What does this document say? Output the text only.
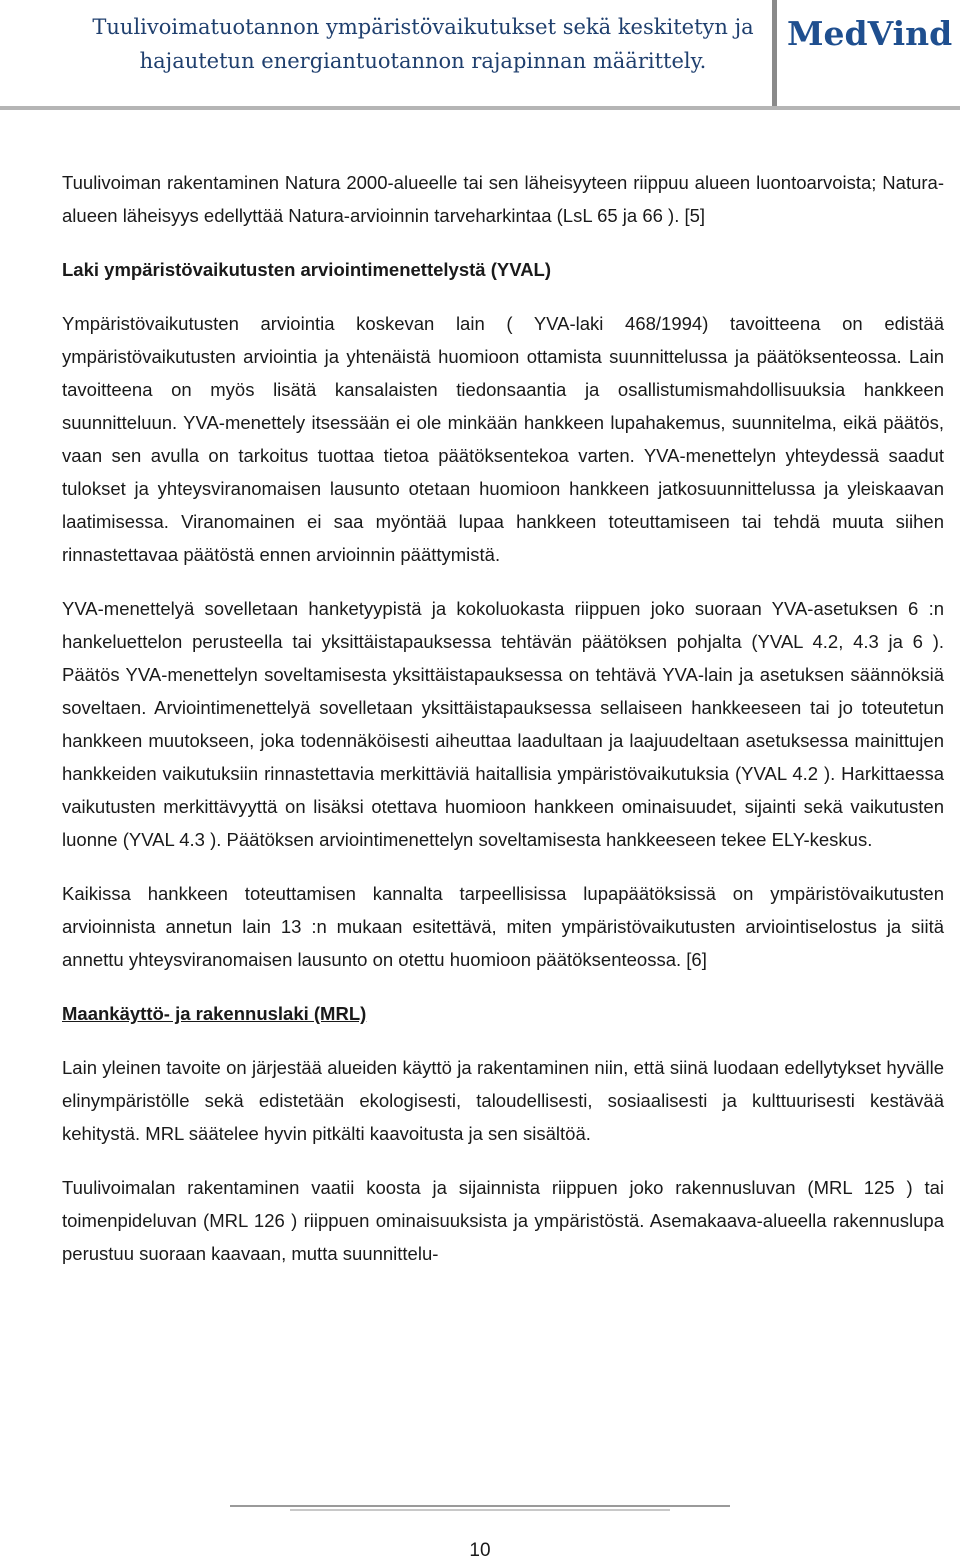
Tuulivoimatuotannon ympäristövaikutukset sekä keskitetyn ja
hajautetun energiantuotannon rajapinnan määrittely.
MedVind

Tuulivoiman rakentaminen Natura 2000-alueelle tai sen läheisyyteen riippuu alueen luontoarvoista; Natura-alueen läheisyys edellyttää Natura-arvioinnin tarveharkintaa (LsL 65 ja 66 ). [5]

Laki ympäristövaikutusten arviointimenettelystä (YVAL)

Ympäristövaikutusten arviointia koskevan lain ( YVA-laki 468/1994) tavoitteena on edistää ympäristövaikutusten arviointia ja yhtenäistä huomioon ottamista suunnittelussa ja päätöksenteossa. Lain tavoitteena on myös lisätä kansalaisten tiedonsaantia ja osallistumismahdollisuuksia hankkeen suunnitteluun. YVA-menettely itsessään ei ole minkään hankkeen lupahakemus, suunnitelma, eikä päätös, vaan sen avulla on tarkoitus tuottaa tietoa päätöksentekoa varten. YVA-menettelyn yhteydessä saadut tulokset ja yhteysviranomaisen lausunto otetaan huomioon hankkeen jatkosuunnittelussa ja yleiskaavan laatimisessa. Viranomainen ei saa myöntää lupaa hankkeen toteuttamiseen tai tehdä muuta siihen rinnastettavaa päätöstä ennen arvioinnin päättymistä.

YVA-menettelyä sovelletaan hanketyypistä ja kokoluokasta riippuen joko suoraan YVA-asetuksen 6 :n hankeluettelon perusteella tai yksittäistapauksessa tehtävän päätöksen pohjalta (YVAL 4.2, 4.3 ja 6 ). Päätös YVA-menettelyn soveltamisesta yksittäistapauksessa on tehtävä YVA-lain ja asetuksen säännöksiä soveltaen. Arviointimenettelyä sovelletaan yksittäistapauksessa sellaiseen hankkeeseen tai jo toteutetun hankkeen muutokseen, joka todennäköisesti aiheuttaa laadultaan ja laajuudeltaan asetuksessa mainittujen hankkeiden vaikutuksiin rinnastettavia merkittäviä haitallisia ympäristövaikutuksia (YVAL 4.2 ). Harkittaessa vaikutusten merkittävyyttä on lisäksi otettava huomioon hankkeen ominaisuudet, sijainti sekä vaikutusten luonne (YVAL 4.3 ). Päätöksen arviointimenettelyn soveltamisesta hankkeeseen tekee ELY-keskus.

Kaikissa hankkeen toteuttamisen kannalta tarpeellisissa lupapäätöksissä on ympäristövaikutusten arvioinnista annetun lain 13 :n mukaan esitettävä, miten ympäristövaikutusten arviointiselostus ja siitä annettu yhteysviranomaisen lausunto on otettu huomioon päätöksenteossa. [6]

Maankäyttö- ja rakennuslaki (MRL)

Lain yleinen tavoite on järjestää alueiden käyttö ja rakentaminen niin, että siinä luodaan edellytykset hyvälle elinympäristölle sekä edistetään ekologisesti, taloudellisesti, sosiaalisesti ja kulttuurisesti kestävää kehitystä. MRL säätelee hyvin pitkälti kaavoitusta ja sen sisältöä.

Tuulivoimalan rakentaminen vaatii koosta ja sijainnista riippuen joko rakennusluvan (MRL 125 ) tai toimenpideluvan (MRL 126 ) riippuen ominaisuuksista ja ympäristöstä. Asemakaava-alueella rakennuslupa perustuu suoraan kaavaan, mutta suunnittelu-

10
